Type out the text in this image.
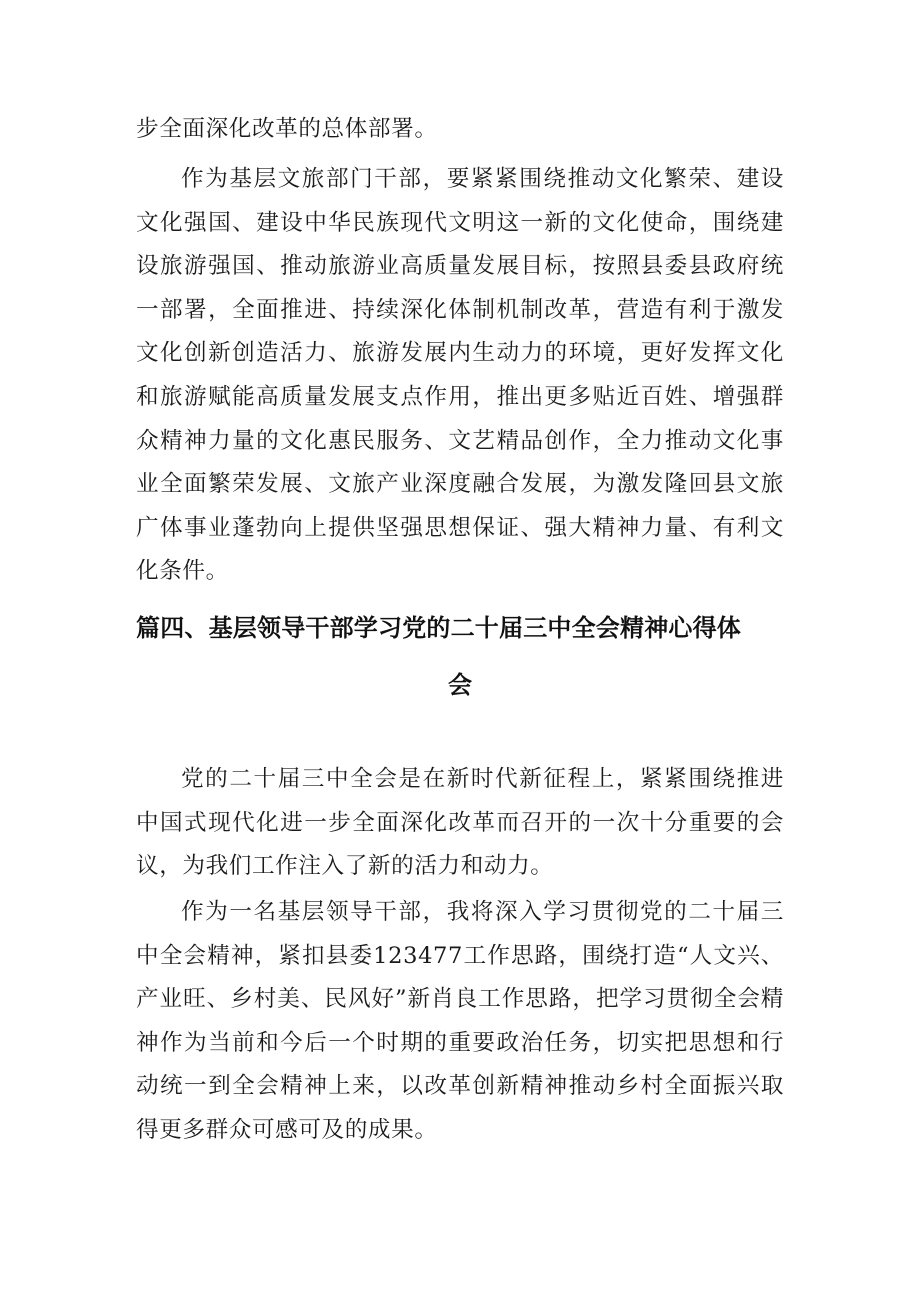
步全面深化改革的总体部署。

作为基层文旅部门干部，要紧紧围绕推动文化繁荣、建设文化强国、建设中华民族现代文明这一新的文化使命，围绕建设旅游强国、推动旅游业高质量发展目标，按照县委县政府统一部署，全面推进、持续深化体制机制改革，营造有利于激发文化创新创造活力、旅游发展内生动力的环境，更好发挥文化和旅游赋能高质量发展支点作用，推出更多贴近百姓、增强群众精神力量的文化惠民服务、文艺精品创作，全力推动文化事业全面繁荣发展、文旅产业深度融合发展，为激发隆回县文旅广体事业蓬勃向上提供坚强思想保证、强大精神力量、有利文化条件。

篇四、基层领导干部学习党的二十届三中全会精神心得体
会

党的二十届三中全会是在新时代新征程上，紧紧围绕推进中国式现代化进一步全面深化改革而召开的一次十分重要的会议，为我们工作注入了新的活力和动力。

作为一名基层领导干部，我将深入学习贯彻党的二十届三中全会精神，紧扣县委123477工作思路，围绕打造“人文兴、产业旺、乡村美、民风好”新肖良工作思路，把学习贯彻全会精神作为当前和今后一个时期的重要政治任务，切实把思想和行动统一到全会精神上来，以改革创新精神推动乡村全面振兴取得更多群众可感可及的成果。
